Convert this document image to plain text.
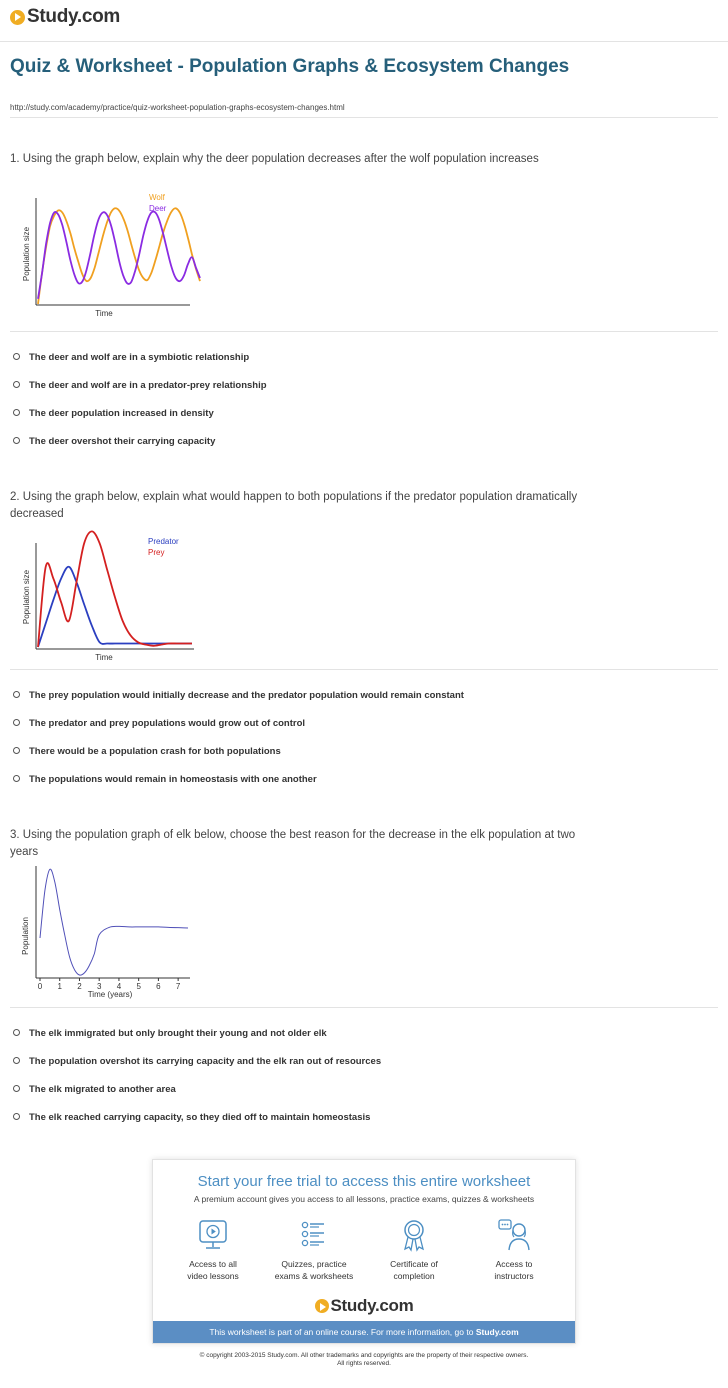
Study.com
Quiz & Worksheet - Population Graphs & Ecosystem Changes
http://study.com/academy/practice/quiz-worksheet-population-graphs-ecosystem-changes.html

1. Using the graph below, explain why the deer population decreases after the wolf population increases

Population size
Time
Wolf
Deer
The deer and wolf are in a symbiotic relationship
The deer and wolf are in a predator-prey relationship
The deer population increased in density
The deer overshot their carrying capacity

2. Using the graph below, explain what would happen to both populations if the predator population dramatically decreased

Population size
Time
Predator
Prey
The prey population would initially decrease and the predator population would remain constant
The predator and prey populations would grow out of control
There would be a population crash for both populations
The populations would remain in homeostasis with one another

3. Using the population graph of elk below, choose the best reason for the decrease in the elk population at two years

0 1 2 3 4 5 6 7
Population
Time (years)
The elk immigrated but only brought their young and not older elk
The population overshot its carrying capacity and the elk ran out of resources
The elk migrated to another area
The elk reached carrying capacity, so they died off to maintain homeostasis
Start your free trial to access this entire worksheet
A premium account gives you access to all lessons, practice exams, quizzes & worksheets
Access to all
video lessons
Quizzes, practice
exams & worksheets
Certificate of
completion
Access to
instructors
Study.com
This worksheet is part of an online course. For more information, go to Study.com
© copyright 2003-2015 Study.com. All other trademarks and copyrights are the property of their respective owners.
All rights reserved.
